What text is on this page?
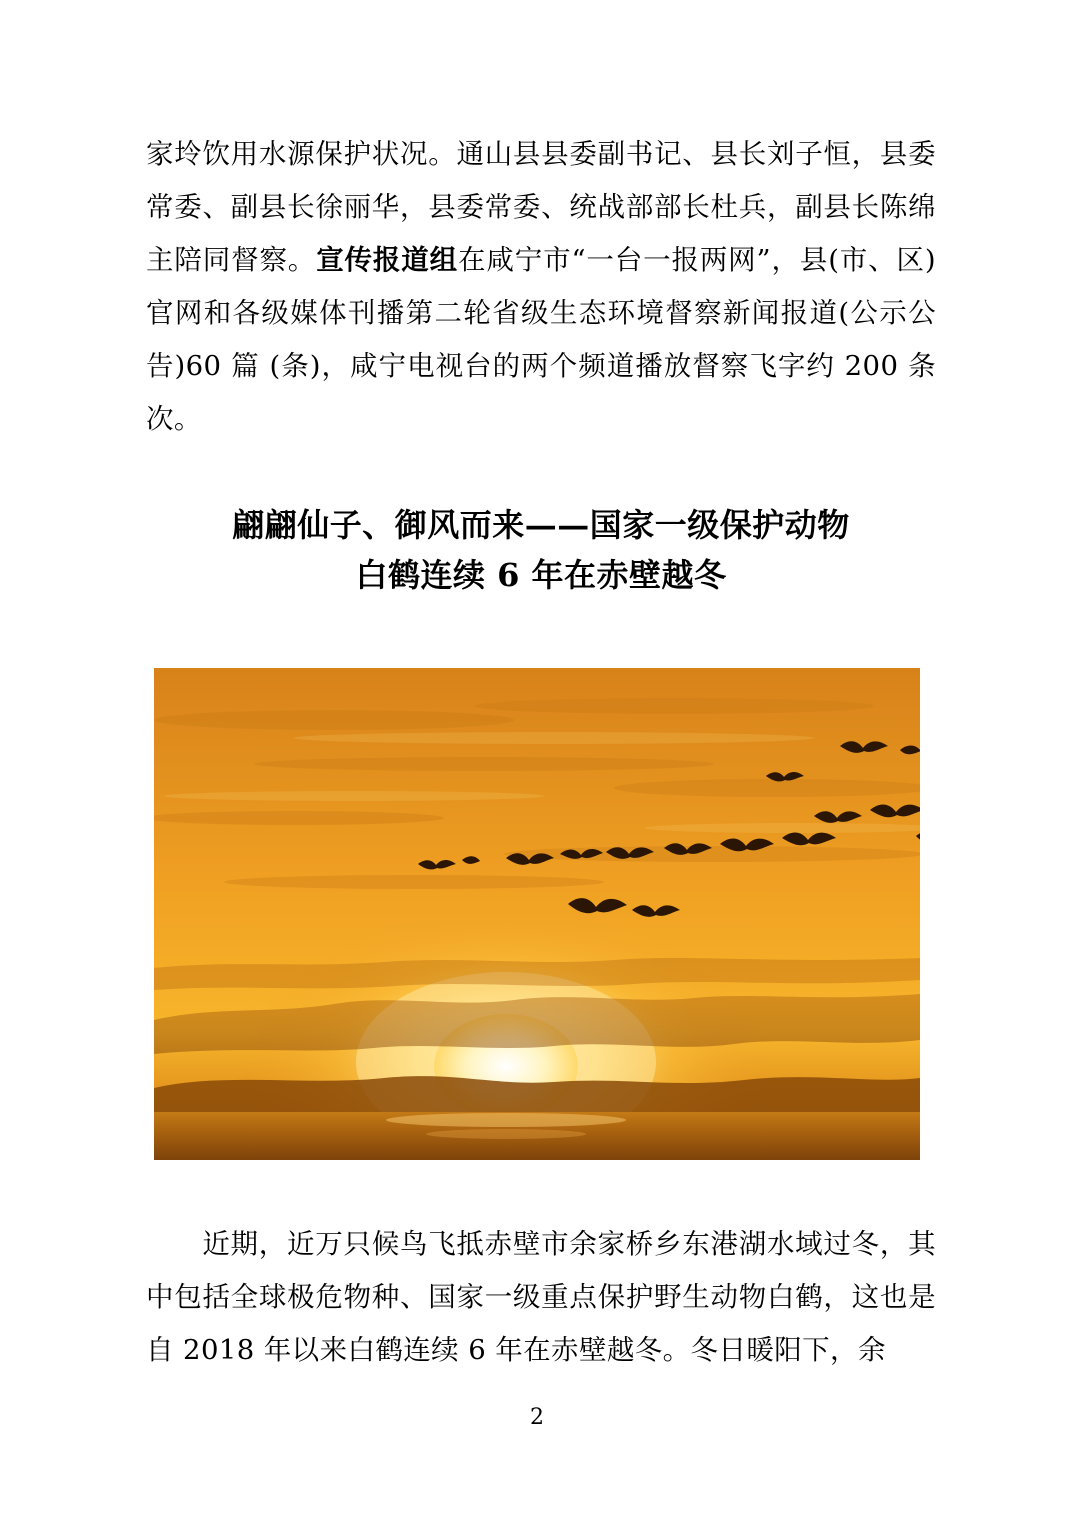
家坽饮用水源保护状况。通山县县委副书记、县长刘子恒，县委常委、副县长徐丽华，县委常委、统战部部长杜兵，副县长陈绵主陪同督察。宣传报道组在咸宁市“一台一报两网”，县(市、区)官网和各级媒体刊播第二轮省级生态环境督察新闻报道(公示公告)60 篇 (条)，咸宁电视台的两个频道播放督察飞字约 200 条次。

翩翩仙子、御风而来——国家一级保护动物
白鹤连续 6 年在赤壁越冬

近期，近万只候鸟飞抵赤壁市余家桥乡东港湖水域过冬，其中包括全球极危物种、国家一级重点保护野生动物白鹤，这也是自 2018 年以来白鹤连续 6 年在赤壁越冬。冬日暖阳下，余

2
